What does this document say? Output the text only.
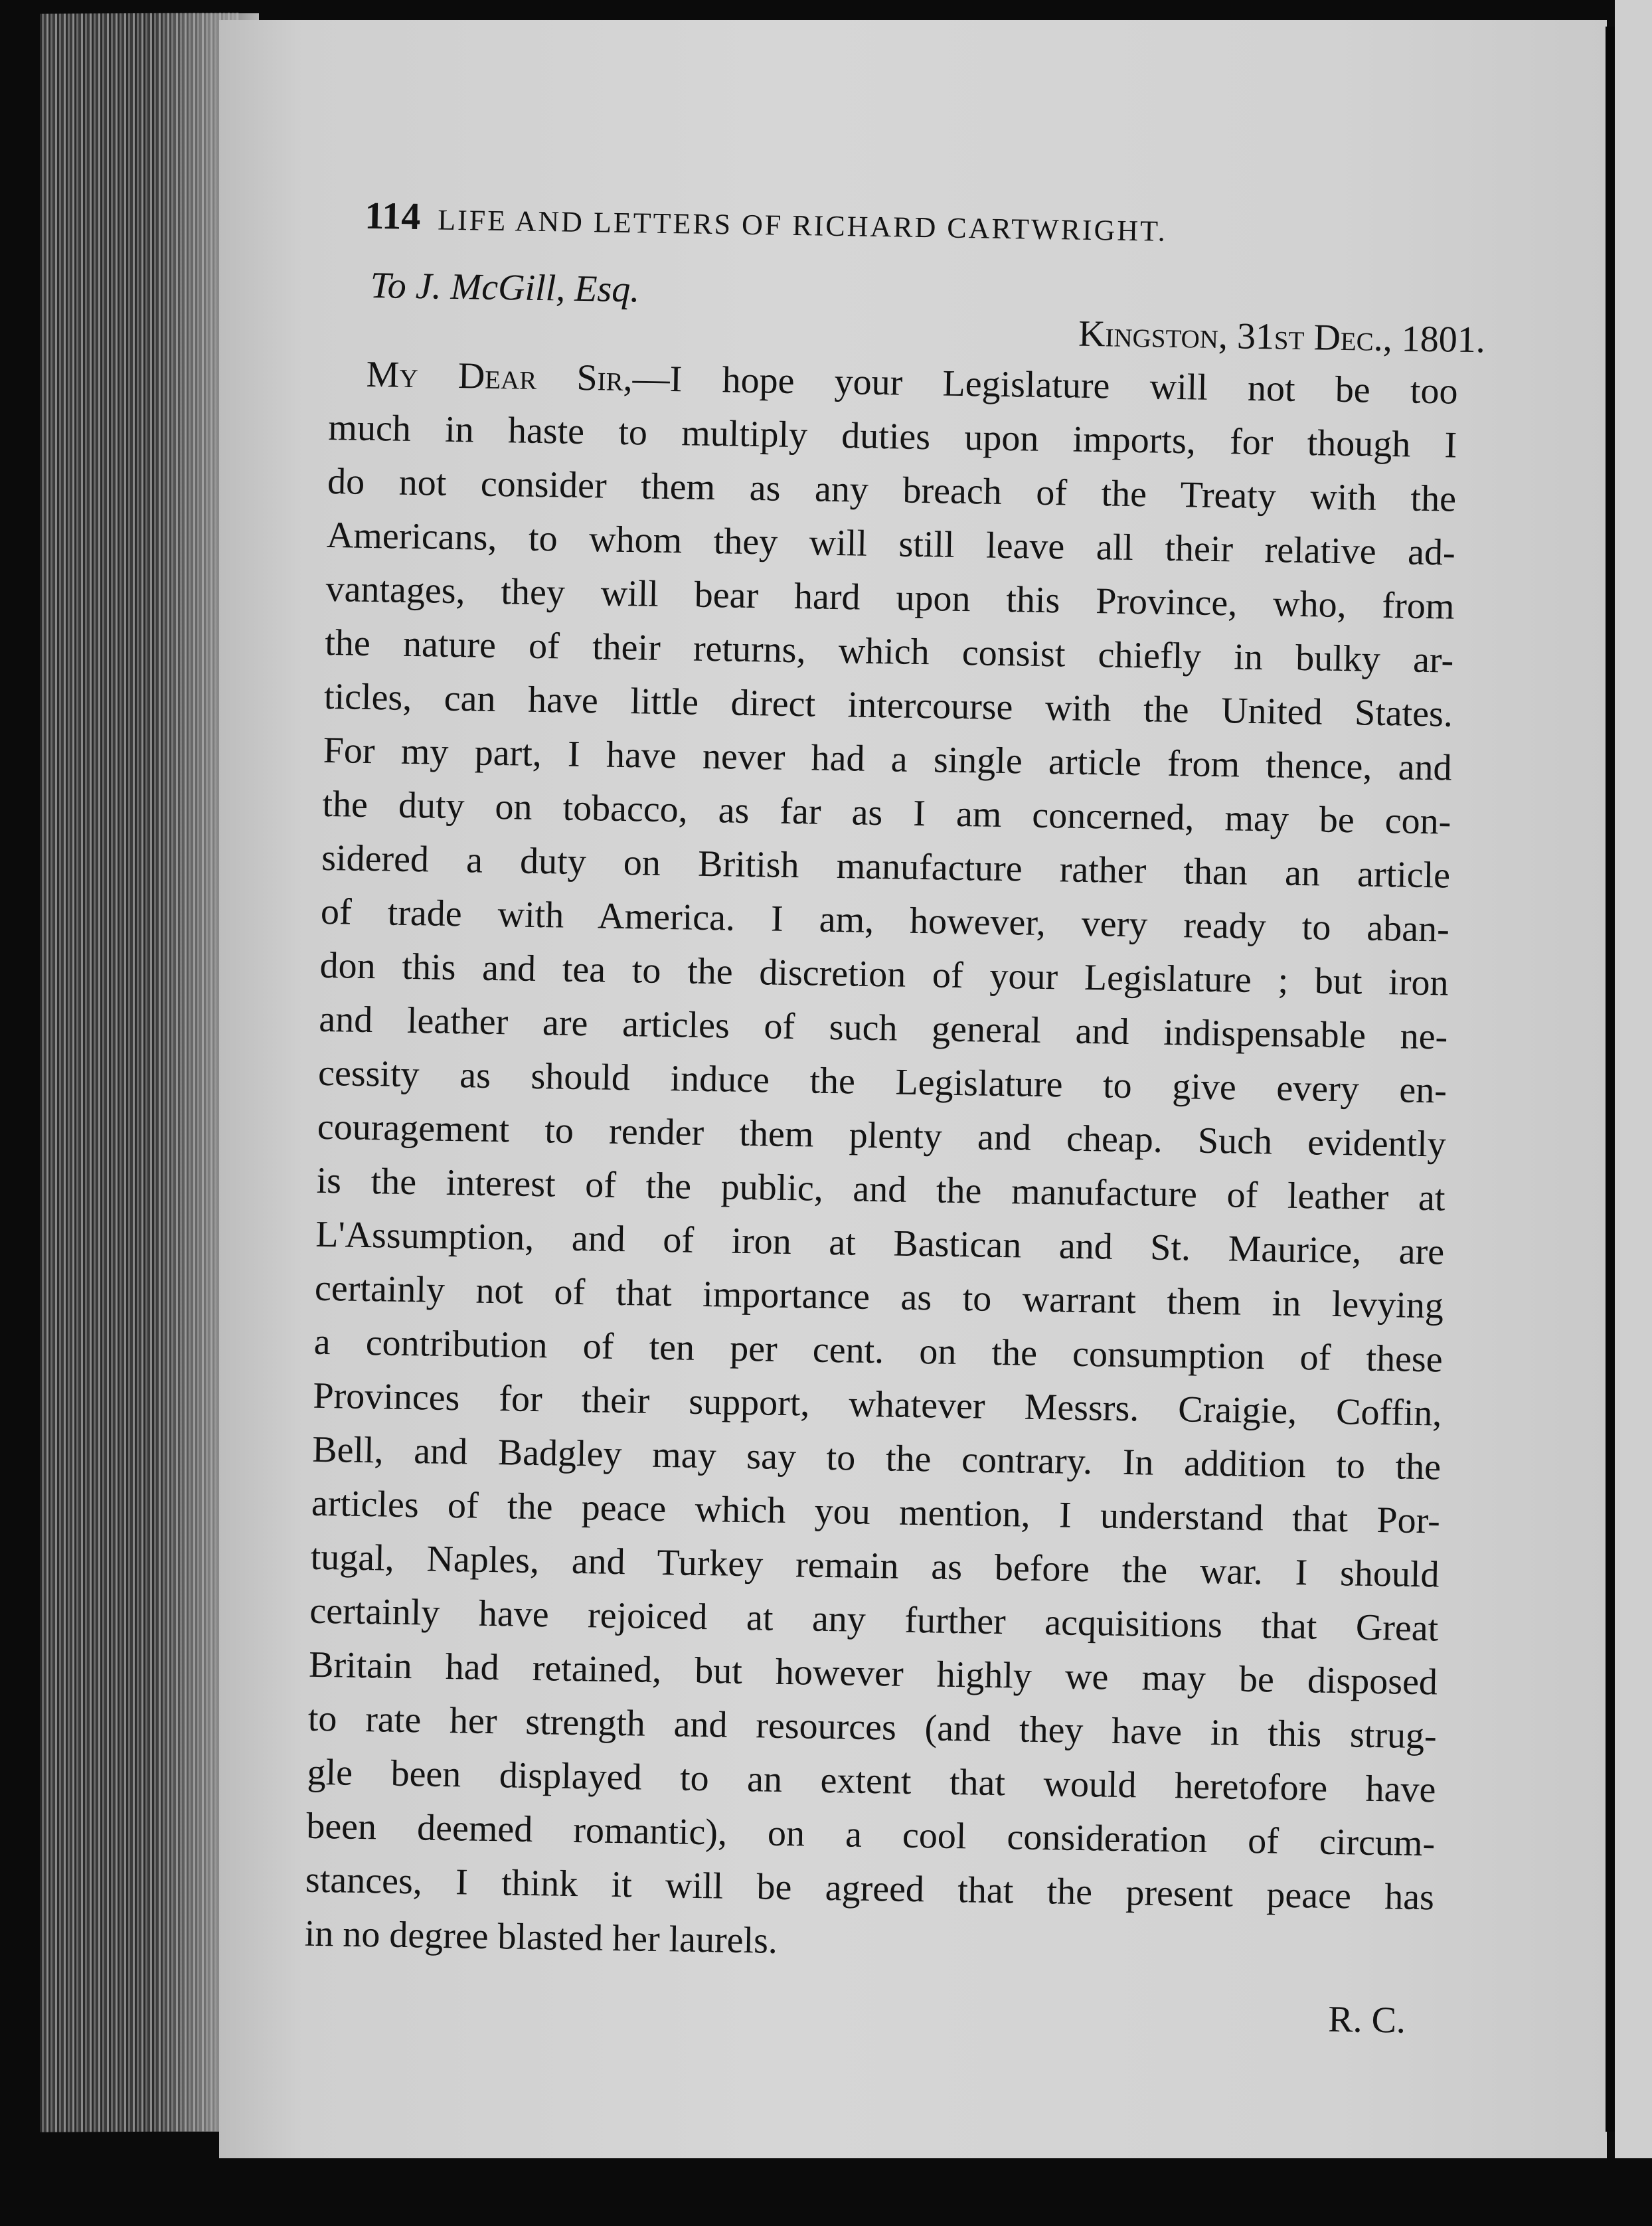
114 LIFE AND LETTERS OF RICHARD CARTWRIGHT.
To J. McGill, Esq.
Kingston, 31st Dec., 1801.
My Dear Sir,—I hope your Legislature will not be too
much in haste to multiply duties upon imports, for though I
do not consider them as any breach of the Treaty with the
Americans, to whom they will still leave all their relative ad-
vantages, they will bear hard upon this Province, who, from
the nature of their returns, which consist chiefly in bulky ar-
ticles, can have little direct intercourse with the United States.
For my part, I have never had a single article from thence, and
the duty on tobacco, as far as I am concerned, may be con-
sidered a duty on British manufacture rather than an article
of trade with America. I am, however, very ready to aban-
don this and tea to the discretion of your Legislature ; but iron
and leather are articles of such general and indispensable ne-
cessity as should induce the Legislature to give every en-
couragement to render them plenty and cheap. Such evidently
is the interest of the public, and the manufacture of leather at
L'Assumption, and of iron at Bastican and St. Maurice, are
certainly not of that importance as to warrant them in levying
a contribution of ten per cent. on the consumption of these
Provinces for their support, whatever Messrs. Craigie, Coffin,
Bell, and Badgley may say to the contrary. In addition to the
articles of the peace which you mention, I understand that Por-
tugal, Naples, and Turkey remain as before the war. I should
certainly have rejoiced at any further acquisitions that Great
Britain had retained, but however highly we may be disposed
to rate her strength and resources (and they have in this strug-
gle been displayed to an extent that would heretofore have
been deemed romantic), on a cool consideration of circum-
stances, I think it will be agreed that the present peace has
in no degree blasted her laurels.
R. C.
